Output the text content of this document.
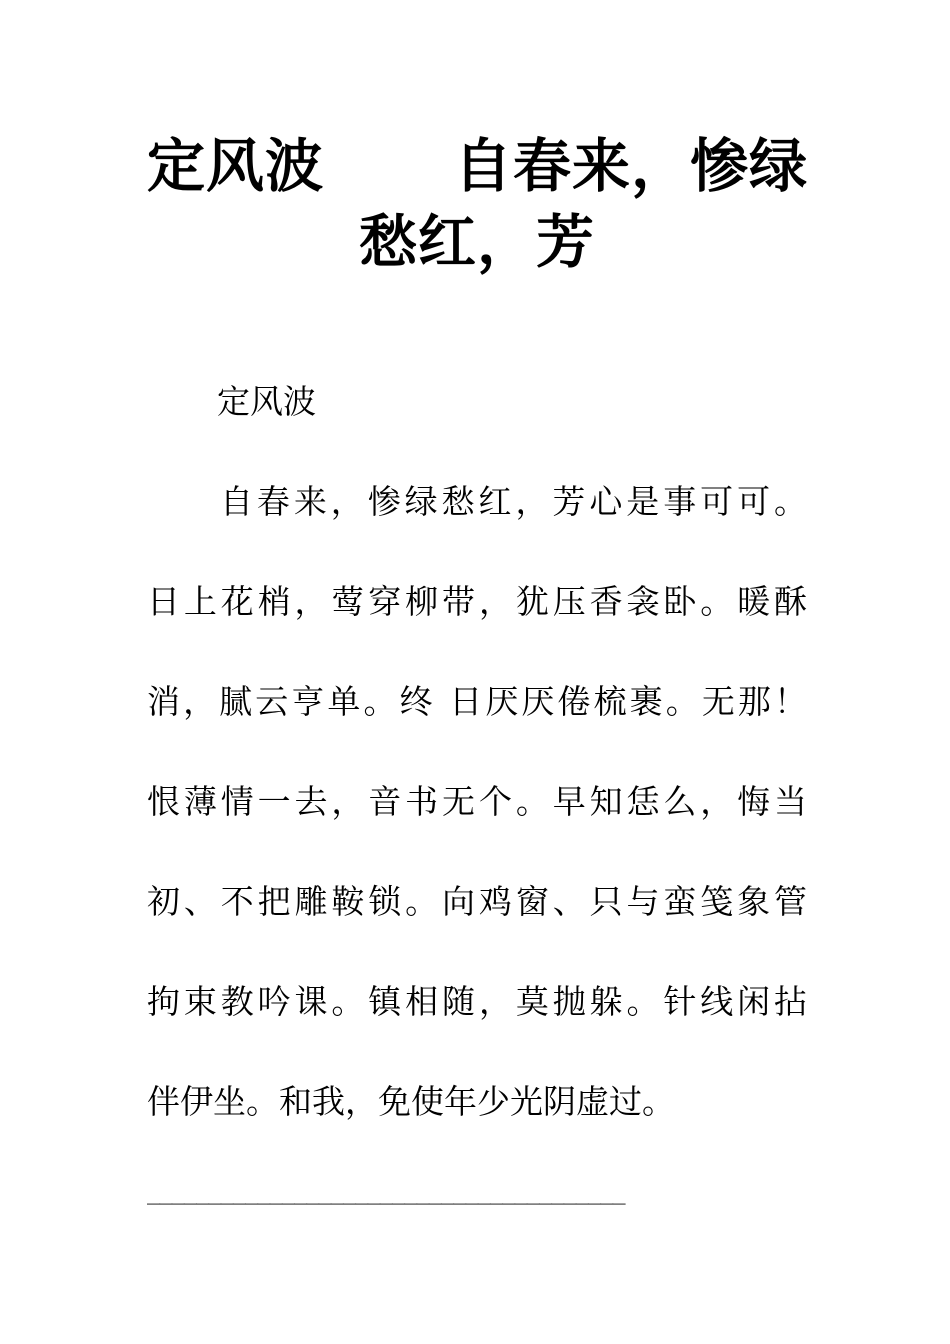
定风波 自春来，惨绿
愁红，芳

定风波

自春来，惨绿愁红，芳心是事可可。

日上花梢，莺穿柳带，犹压香衾卧。暖酥

消，腻云亨单。终 日厌厌倦梳裹。无那！

恨薄情一去，音书无个。早知恁么，悔当

初、不把雕鞍锁。向鸡窗、只与蛮笺象管

拘束教吟课。镇相随，莫抛躲。针线闲拈

伴伊坐。和我，免使年少光阴虚过。

_______________________________________
